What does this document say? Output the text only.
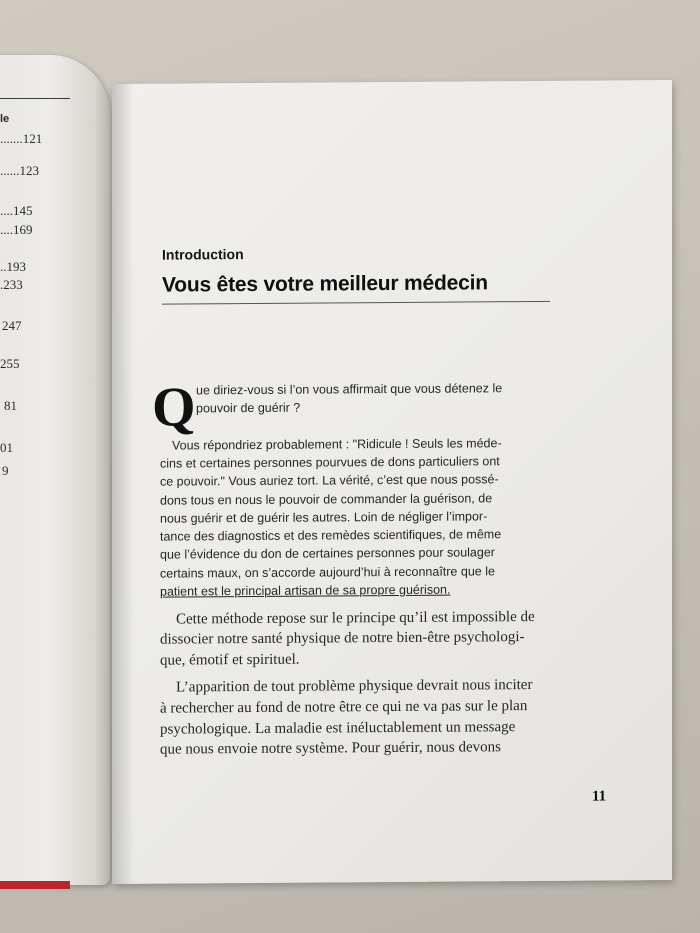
le
.......121
......123
....145
....169
..193
.233
247
255
81
01
9
Introduction
Vous êtes votre meilleur médecin
Q ue diriez-vous si l’on vous affirmait que vous détenez le
pouvoir de guérir ?
Vous répondriez probablement : "Ridicule ! Seuls les méde-
cins et certaines personnes pourvues de dons particuliers ont
ce pouvoir." Vous auriez tort. La vérité, c’est que nous possé-
dons tous en nous le pouvoir de commander la guérison, de
nous guérir et de guérir les autres. Loin de négliger l’impor-
tance des diagnostics et des remèdes scientifiques, de même
que l’évidence du don de certaines personnes pour soulager
certains maux, on s’accorde aujourd’hui à reconnaître que le
patient est le principal artisan de sa propre guérison.
Cette méthode repose sur le principe qu’il est impossible de
dissocier notre santé physique de notre bien-être psychologi-
que, émotif et spirituel.
L’apparition de tout problème physique devrait nous inciter
à rechercher au fond de notre être ce qui ne va pas sur le plan
psychologique. La maladie est inéluctablement un message
que nous envoie notre système. Pour guérir, nous devons
11
